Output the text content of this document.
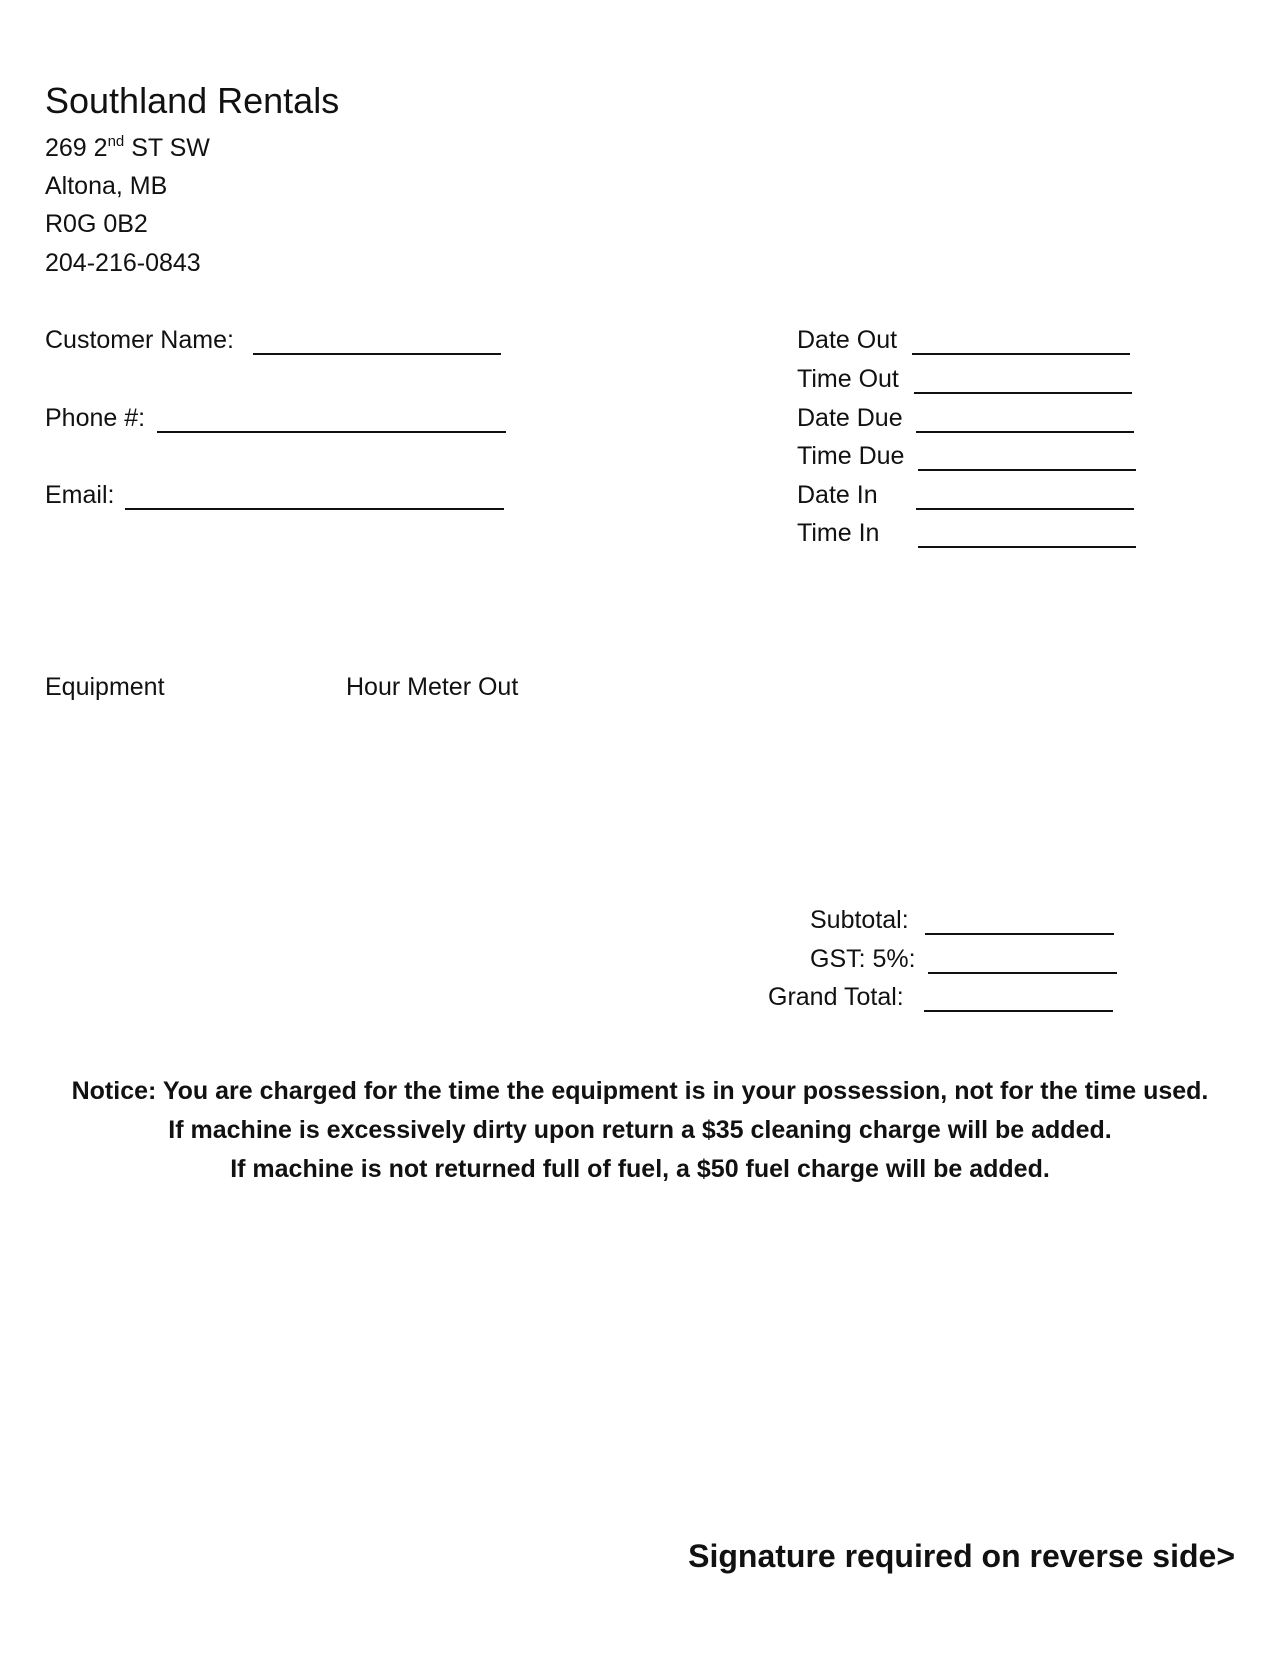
Southland Rentals
269 2nd ST SW
Altona, MB
R0G 0B2
204-216-0843
Customer Name:
Phone #:
Email:
Date Out
Time Out
Date Due
Time Due
Date In
Time In
Equipment	Hour Meter Out
Subtotal:
GST: 5%:
Grand Total:
Notice: You are charged for the time the equipment is in your possession, not for the time used.
If machine is excessively dirty upon return a $35 cleaning charge will be added.
If machine is not returned full of fuel, a $50 fuel charge will be added.
Signature required on reverse side>
